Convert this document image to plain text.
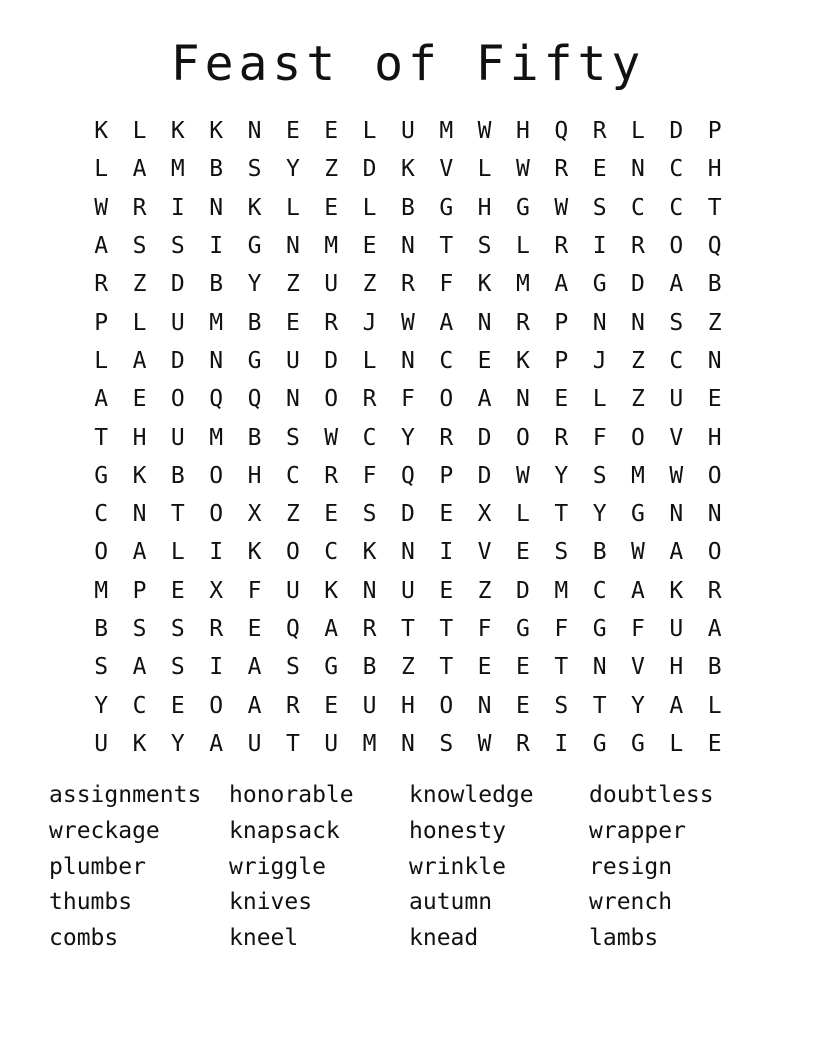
Feast of Fifty
K	L	K	K	N	E	E	L	U	M	W	H	Q	R	L	D	P
L	A	M	B	S	Y	Z	D	K	V	L	W	R	E	N	C	H
W	R	I	N	K	L	E	L	B	G	H	G	W	S	C	C	T
A	S	S	I	G	N	M	E	N	T	S	L	R	I	R	O	Q
R	Z	D	B	Y	Z	U	Z	R	F	K	M	A	G	D	A	B
P	L	U	M	B	E	R	J	W	A	N	R	P	N	N	S	Z
L	A	D	N	G	U	D	L	N	C	E	K	P	J	Z	C	N
A	E	O	Q	Q	N	O	R	F	O	A	N	E	L	Z	U	E
T	H	U	M	B	S	W	C	Y	R	D	O	R	F	O	V	H
G	K	B	O	H	C	R	F	Q	P	D	W	Y	S	M	W	O
C	N	T	O	X	Z	E	S	D	E	X	L	T	Y	G	N	N
O	A	L	I	K	O	C	K	N	I	V	E	S	B	W	A	O
M	P	E	X	F	U	K	N	U	E	Z	D	M	C	A	K	R
B	S	S	R	E	Q	A	R	T	T	F	G	F	G	F	U	A
S	A	S	I	A	S	G	B	Z	T	E	E	T	N	V	H	B
Y	C	E	O	A	R	E	U	H	O	N	E	S	T	Y	A	L
U	K	Y	A	U	T	U	M	N	S	W	R	I	G	G	L	E
assignments	honorable	knowledge	doubtless
wreckage	knapsack	honesty	wrapper
plumber	wriggle	wrinkle	resign
thumbs	knives	autumn	wrench
combs	kneel	knead	lambs
